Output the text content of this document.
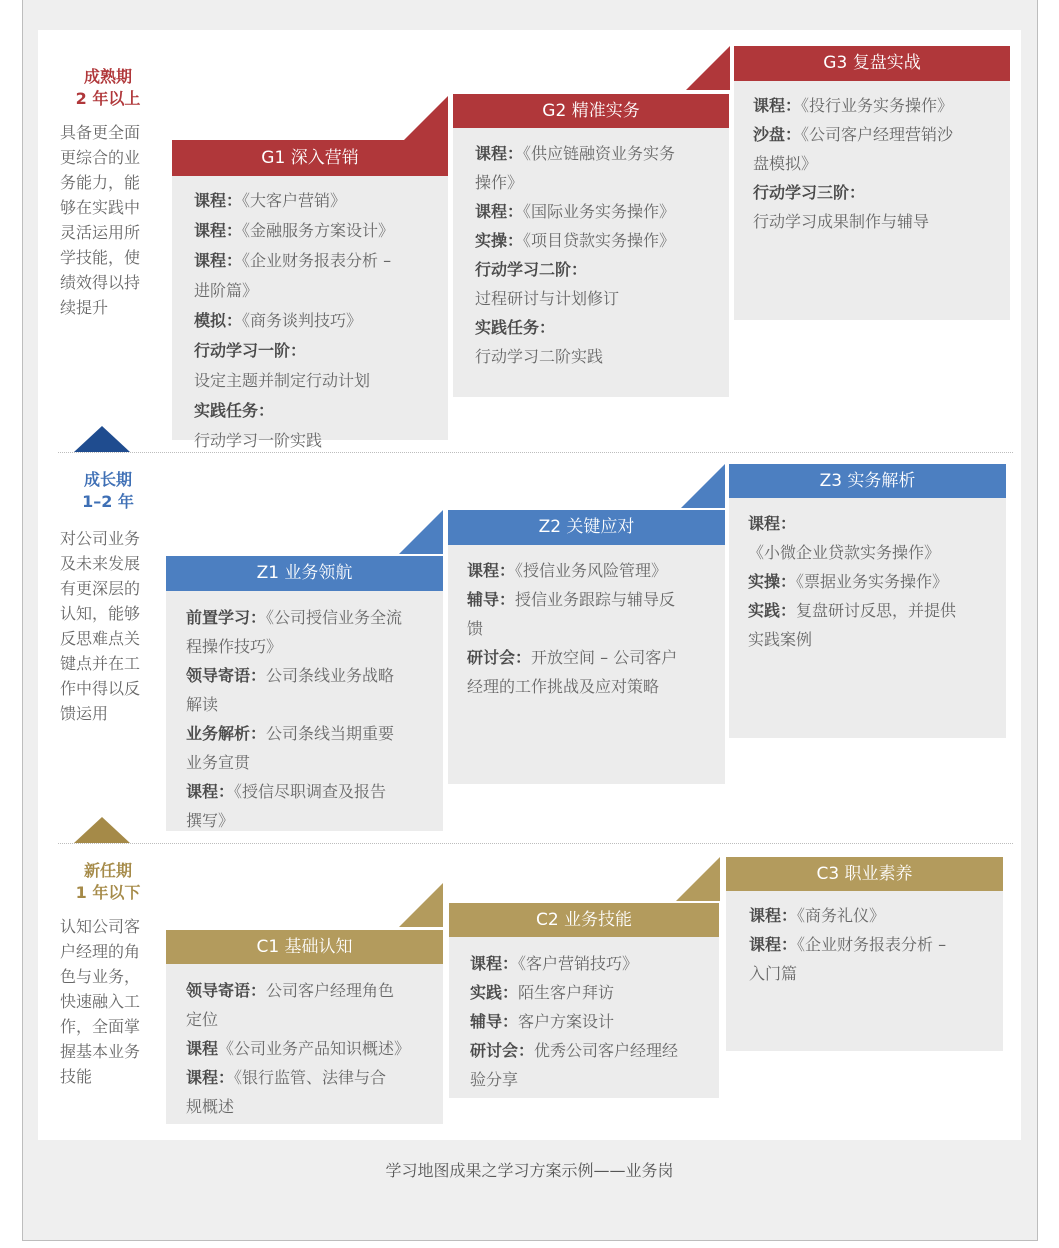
成熟期
2 年以上
具备更全面更综合的业务能力，能够在实践中灵活运用所学技能，使绩效得以持续提升
成长期
1–2 年
对公司业务及未来发展有更深层的认知，能够反思难点关键点并在工作中得以反馈运用
新任期
1 年以下
认知公司客户经理的角色与业务，快速融入工作，全面掌握基本业务技能
G1 深入营销
课程：《大客户营销》
课程：《金融服务方案设计》
课程：《企业财务报表分析 –
进阶篇》
模拟：《商务谈判技巧》
行动学习一阶：
设定主题并制定行动计划
实践任务：
行动学习一阶实践
G2 精准实务
课程：《供应链融资业务实务
操作》
课程：《国际业务实务操作》
实操：《项目贷款实务操作》
行动学习二阶：
过程研讨与计划修订
实践任务：
行动学习二阶实践
G3 复盘实战
课程：《投行业务实务操作》
沙盘：《公司客户经理营销沙
盘模拟》
行动学习三阶：
行动学习成果制作与辅导
Z1 业务领航
前置学习：《公司授信业务全流
程操作技巧》
领导寄语：公司条线业务战略
解读
业务解析：公司条线当期重要
业务宣贯
课程：《授信尽职调查及报告
撰写》
Z2 关键应对
课程：《授信业务风险管理》
辅导：授信业务跟踪与辅导反
馈
研讨会：开放空间 – 公司客户
经理的工作挑战及应对策略
Z3 实务解析
课程：
《小微企业贷款实务操作》
实操：《票据业务实务操作》
实践：复盘研讨反思，并提供
实践案例
C1 基础认知
领导寄语：公司客户经理角色
定位
课程《公司业务产品知识概述》
课程：《银行监管、法律与合
规概述
C2 业务技能
课程：《客户营销技巧》
实践：陌生客户拜访
辅导：客户方案设计
研讨会：优秀公司客户经理经
验分享
C3 职业素养
课程：《商务礼仪》
课程：《企业财务报表分析 –
入门篇
学习地图成果之学习方案示例——业务岗
